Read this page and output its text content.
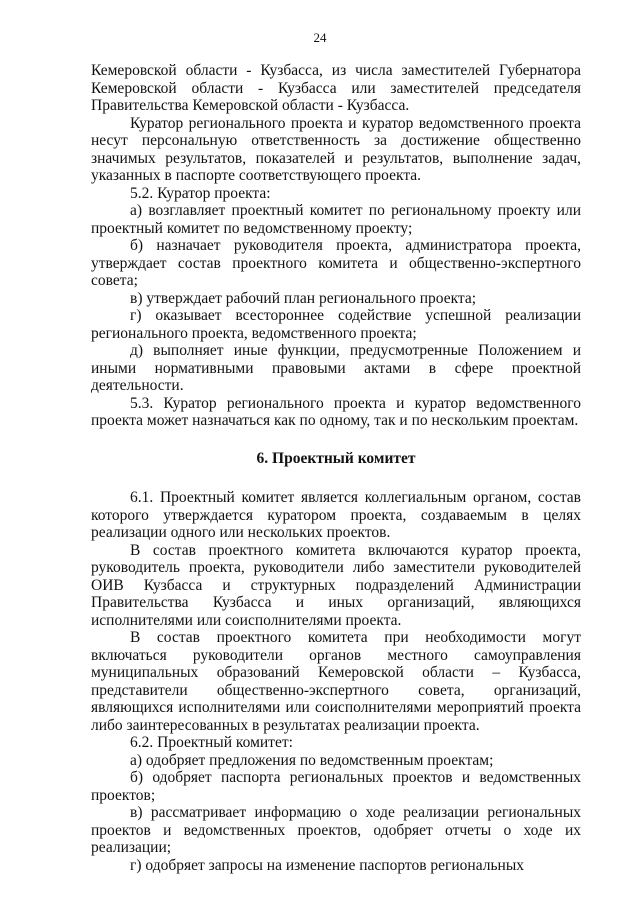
24

Кемеровской области - Кузбасса, из числа заместителей Губернатора Кемеровской области - Кузбасса или заместителей председателя Правительства Кемеровской области - Кузбасса.

Куратор регионального проекта и куратор ведомственного проекта несут персональную ответственность за достижение общественно значимых результатов, показателей и результатов, выполнение задач, указанных в паспорте соответствующего проекта.

5.2. Куратор проекта:

а) возглавляет проектный комитет по региональному проекту или проектный комитет по ведомственному проекту;

б) назначает руководителя проекта, администратора проекта, утверждает состав проектного комитета и общественно-экспертного совета;

в) утверждает рабочий план регионального проекта;

г) оказывает всестороннее содействие успешной реализации регионального проекта, ведомственного проекта;

д) выполняет иные функции, предусмотренные Положением и иными нормативными правовыми актами в сфере проектной деятельности.

5.3. Куратор регионального проекта и куратор ведомственного проекта может назначаться как по одному, так и по нескольким проектам.

6. Проектный комитет

6.1. Проектный комитет является коллегиальным органом, состав которого утверждается куратором проекта, создаваемым в целях реализации одного или нескольких проектов.

В состав проектного комитета включаются куратор проекта, руководитель проекта, руководители либо заместители руководителей ОИВ Кузбасса и структурных подразделений Администрации Правительства Кузбасса и иных организаций, являющихся исполнителями или соисполнителями проекта.

В состав проектного комитета при необходимости могут включаться руководители органов местного самоуправления муниципальных образований Кемеровской области – Кузбасса, представители общественно-экспертного совета, организаций, являющихся исполнителями или соисполнителями мероприятий проекта либо заинтересованных в результатах реализации проекта.

6.2. Проектный комитет:

а) одобряет предложения по ведомственным проектам;

б) одобряет паспорта региональных проектов и ведомственных проектов;

в) рассматривает информацию о ходе реализации региональных проектов и ведомственных проектов, одобряет отчеты о ходе их реализации;

г) одобряет запросы на изменение паспортов региональных
